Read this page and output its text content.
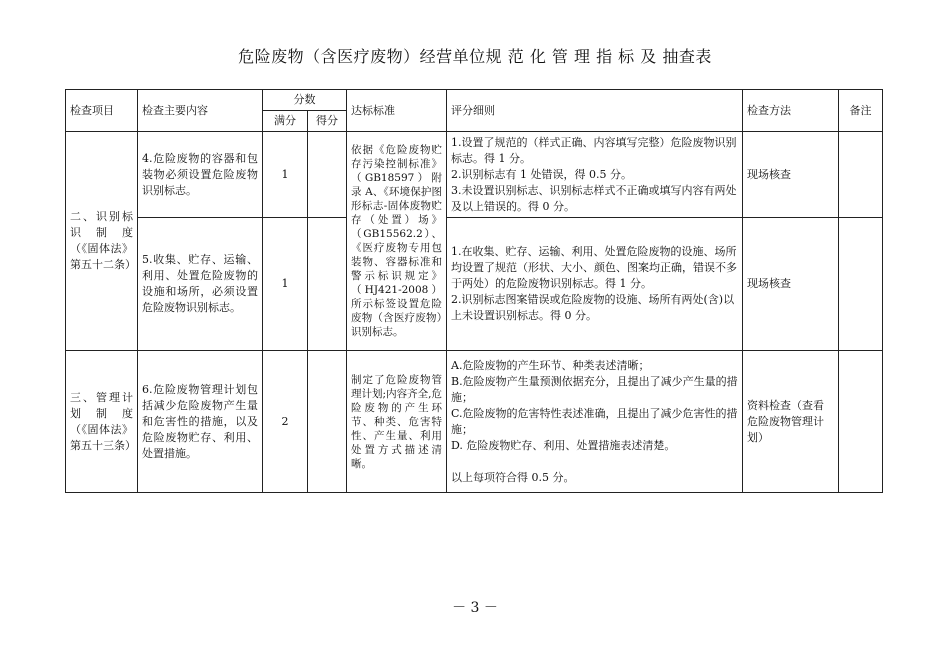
危险废物（含医疗废物）经营单位规 范 化 管 理 指 标 及 抽查表
检查项目	检查主要内容	分数		达标标准	评分细则	检查方法	备注
		满分	得分				
二、识别标识 制 度（《固体法》第五十二条）	4.危险废物的容器和包装物必须设置危险废物识别标志。	1		依据《危险废物贮存污染控制标准》（GB18597）附录 A、《环境保护图形标志-固体废物贮存（处置）场》（GB15562.2）、《医疗废物专用包装物、容器标准和警示标识规定》（HJ421-2008）所示标签设置危险废物（含医疗废物）识别标志。	1.设置了规范的（样式正确、内容填写完整）危险废物识别标志。得 1 分。
2.识别标志有 1 处错误，得 0.5 分。
3.未设置识别标志、识别标志样式不正确或填写内容有两处及以上错误的。得 0 分。	现场核查	
	5.收集、贮存、运输、利用、处置危险废物的设施和场所，必须设置危险废物识别标志。	1			1.在收集、贮存、运输、利用、处置危险废物的设施、场所均设置了规范（形状、大小、颜色、图案均正确，错误不多于两处）的危险废物识别标志。得 1 分。
2.识别标志图案错误或危险废物的设施、场所有两处(含)以上未设置识别标志。得 0 分。	现场核查	
三、管理计划 制 度（《固体法》第五十三条）	6.危险废物管理计划包括减少危险废物产生量和危害性的措施，以及危险废物贮存、利用、处置措施。	2		制定了危险废物管理计划;内容齐全,危险废物的产生环节、种类、危害特性、产生量、利用处置方式描述清晰。	A.危险废物的产生环节、种类表述清晰；
B.危险废物产生量预测依据充分，且提出了减少产生量的措施；
C.危险废物的危害特性表述准确，且提出了减少危害性的措施；
D. 危险废物贮存、利用、处置措施表述清楚。

以上每项符合得 0.5 分。	资料检查（查看危险废物管理计划）	
－ 3 －
